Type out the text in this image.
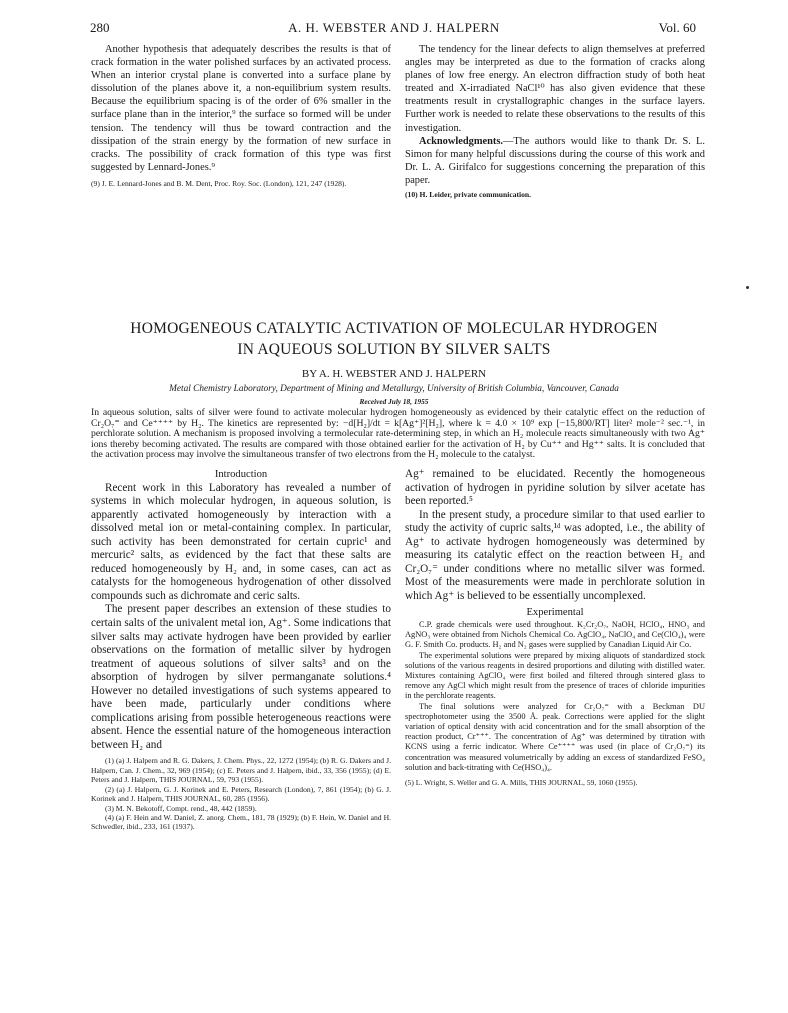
280	A. H. WEBSTER AND J. HALPERN	Vol. 60

Another hypothesis that adequately describes the results is that of crack formation in the water polished surfaces by an activated process. When an interior crystal plane is converted into a surface plane by dissolution of the planes above it, a non-equilibrium system results. Because the equilibrium spacing is of the order of 6% smaller in the surface plane than in the interior,⁹ the surface so formed will be under tension. The tendency will thus be toward contraction and the dissipation of the strain energy by the formation of new surface in cracks. The possibility of crack formation of this type was first suggested by Lennard-Jones.⁹

(9) J. E. Lennard-Jones and B. M. Dent, Proc. Roy. Soc. (London), 121, 247 (1928).

The tendency for the linear defects to align themselves at preferred angles may be interpreted as due to the formation of cracks along planes of low free energy. An electron diffraction study of both heat treated and X-irradiated NaCl¹⁰ has also given evidence that these treatments result in crystallographic changes in the surface layers. Further work is needed to relate these observations to the results of this investigation.

Acknowledgments.—The authors would like to thank Dr. S. L. Simon for many helpful discussions during the course of this work and Dr. L. A. Girifalco for suggestions concerning the preparation of this paper.

(10) H. Leider, private communication.

HOMOGENEOUS CATALYTIC ACTIVATION OF MOLECULAR HYDROGEN
IN AQUEOUS SOLUTION BY SILVER SALTS
BY A. H. WEBSTER AND J. HALPERN
Metal Chemistry Laboratory, Department of Mining and Metallurgy, University of British Columbia, Vancouver, Canada
Received July 18, 1955
In aqueous solution, salts of silver were found to activate molecular hydrogen homogeneously as evidenced by their catalytic effect on the reduction of Cr₂O₇⁼ and Ce⁺⁺⁺⁺ by H₂. The kinetics are represented by: −d[H₂]/dt = k[Ag⁺]²[H₂], where k = 4.0 × 10⁹ exp [−15,800/RT] liter² mole⁻² sec.⁻¹, in perchlorate solution. A mechanism is proposed involving a termolecular rate-determining step, in which an H₂ molecule reacts simultaneously with two Ag⁺ ions thereby becoming activated. The results are compared with those obtained earlier for the activation of H₂ by Cu⁺⁺ and Hg⁺⁺ salts. It is concluded that the activation process may involve the simultaneous transfer of two electrons from the H₂ molecule to the catalyst.

Introduction

Recent work in this Laboratory has revealed a number of systems in which molecular hydrogen, in aqueous solution, is apparently activated homogeneously by interaction with a dissolved metal ion or metal-containing complex. In particular, such activity has been demonstrated for certain cupric¹ and mercuric² salts, as evidenced by the fact that these salts are reduced homogeneously by H₂ and, in some cases, can act as catalysts for the homogeneous hydrogenation of other dissolved compounds such as dichromate and ceric salts.

The present paper describes an extension of these studies to certain salts of the univalent metal ion, Ag⁺. Some indications that silver salts may activate hydrogen have been provided by earlier observations on the formation of metallic silver by hydrogen treatment of aqueous solutions of silver salts³ and on the absorption of hydrogen by silver permanganate solutions.⁴ However no detailed investigations of such systems appeared to have been made, particularly under conditions where complications arising from possible heterogeneous reactions were absent. Hence the essential nature of the homogeneous interaction between H₂ and

(1) (a) J. Halpern and R. G. Dakers, J. Chem. Phys., 22, 1272 (1954); (b) R. G. Dakers and J. Halpern, Can. J. Chem., 32, 969 (1954); (c) E. Peters and J. Halpern, ibid., 33, 356 (1955); (d) E. Peters and J. Halpern, THIS JOURNAL, 59, 793 (1955).

(2) (a) J. Halpern, G. J. Korinek and E. Peters, Research (London), 7, 861 (1954); (b) G. J. Korinek and J. Halpern, THIS JOURNAL, 60, 285 (1956).

(3) M. N. Bekotoff, Compt. rend., 48, 442 (1859).

(4) (a) F. Hein and W. Daniel, Z. anorg. Chem., 181, 78 (1929); (b) F. Hein, W. Daniel and H. Schwedler, ibid., 233, 161 (1937).

Ag⁺ remained to be elucidated. Recently the homogeneous activation of hydrogen in pyridine solution by silver acetate has been reported.⁵

In the present study, a procedure similar to that used earlier to study the activity of cupric salts,¹ᵈ was adopted, i.e., the ability of Ag⁺ to activate hydrogen homogeneously was determined by measuring its catalytic effect on the reaction between H₂ and Cr₂O₇⁼ under conditions where no metallic silver was formed. Most of the measurements were made in perchlorate solution in which Ag⁺ is believed to be essentially uncomplexed.

Experimental

C.P. grade chemicals were used throughout. K₂Cr₂O₇, NaOH, HClO₄, HNO₃ and AgNO₃ were obtained from Nichols Chemical Co. AgClO₄, NaClO₄ and Ce(ClO₄)₄ were G. F. Smith Co. products. H₂ and N₂ gases were supplied by Canadian Liquid Air Co.

The experimental solutions were prepared by mixing aliquots of standardized stock solutions of the various reagents in desired proportions and diluting with distilled water. Mixtures containing AgClO₄ were first boiled and filtered through sintered glass to remove any AgCl which might result from the presence of traces of chloride impurities in the perchlorate reagents.

The final solutions were analyzed for Cr₂O₇⁼ with a Beckman DU spectrophotometer using the 3500 Å. peak. Corrections were applied for the slight variation of optical density with acid concentration and for the small absorption of the reaction product, Cr⁺⁺⁺. The concentration of Ag⁺ was determined by titration with KCNS using a ferric indicator. Where Ce⁺⁺⁺⁺ was used (in place of Cr₂O₇⁼) its concentration was measured volumetrically by adding an excess of standardized FeSO₄ solution and back-titrating with Ce(HSO₄)₄.

(5) L. Wright, S. Weller and G. A. Mills, THIS JOURNAL, 59, 1060 (1955).
